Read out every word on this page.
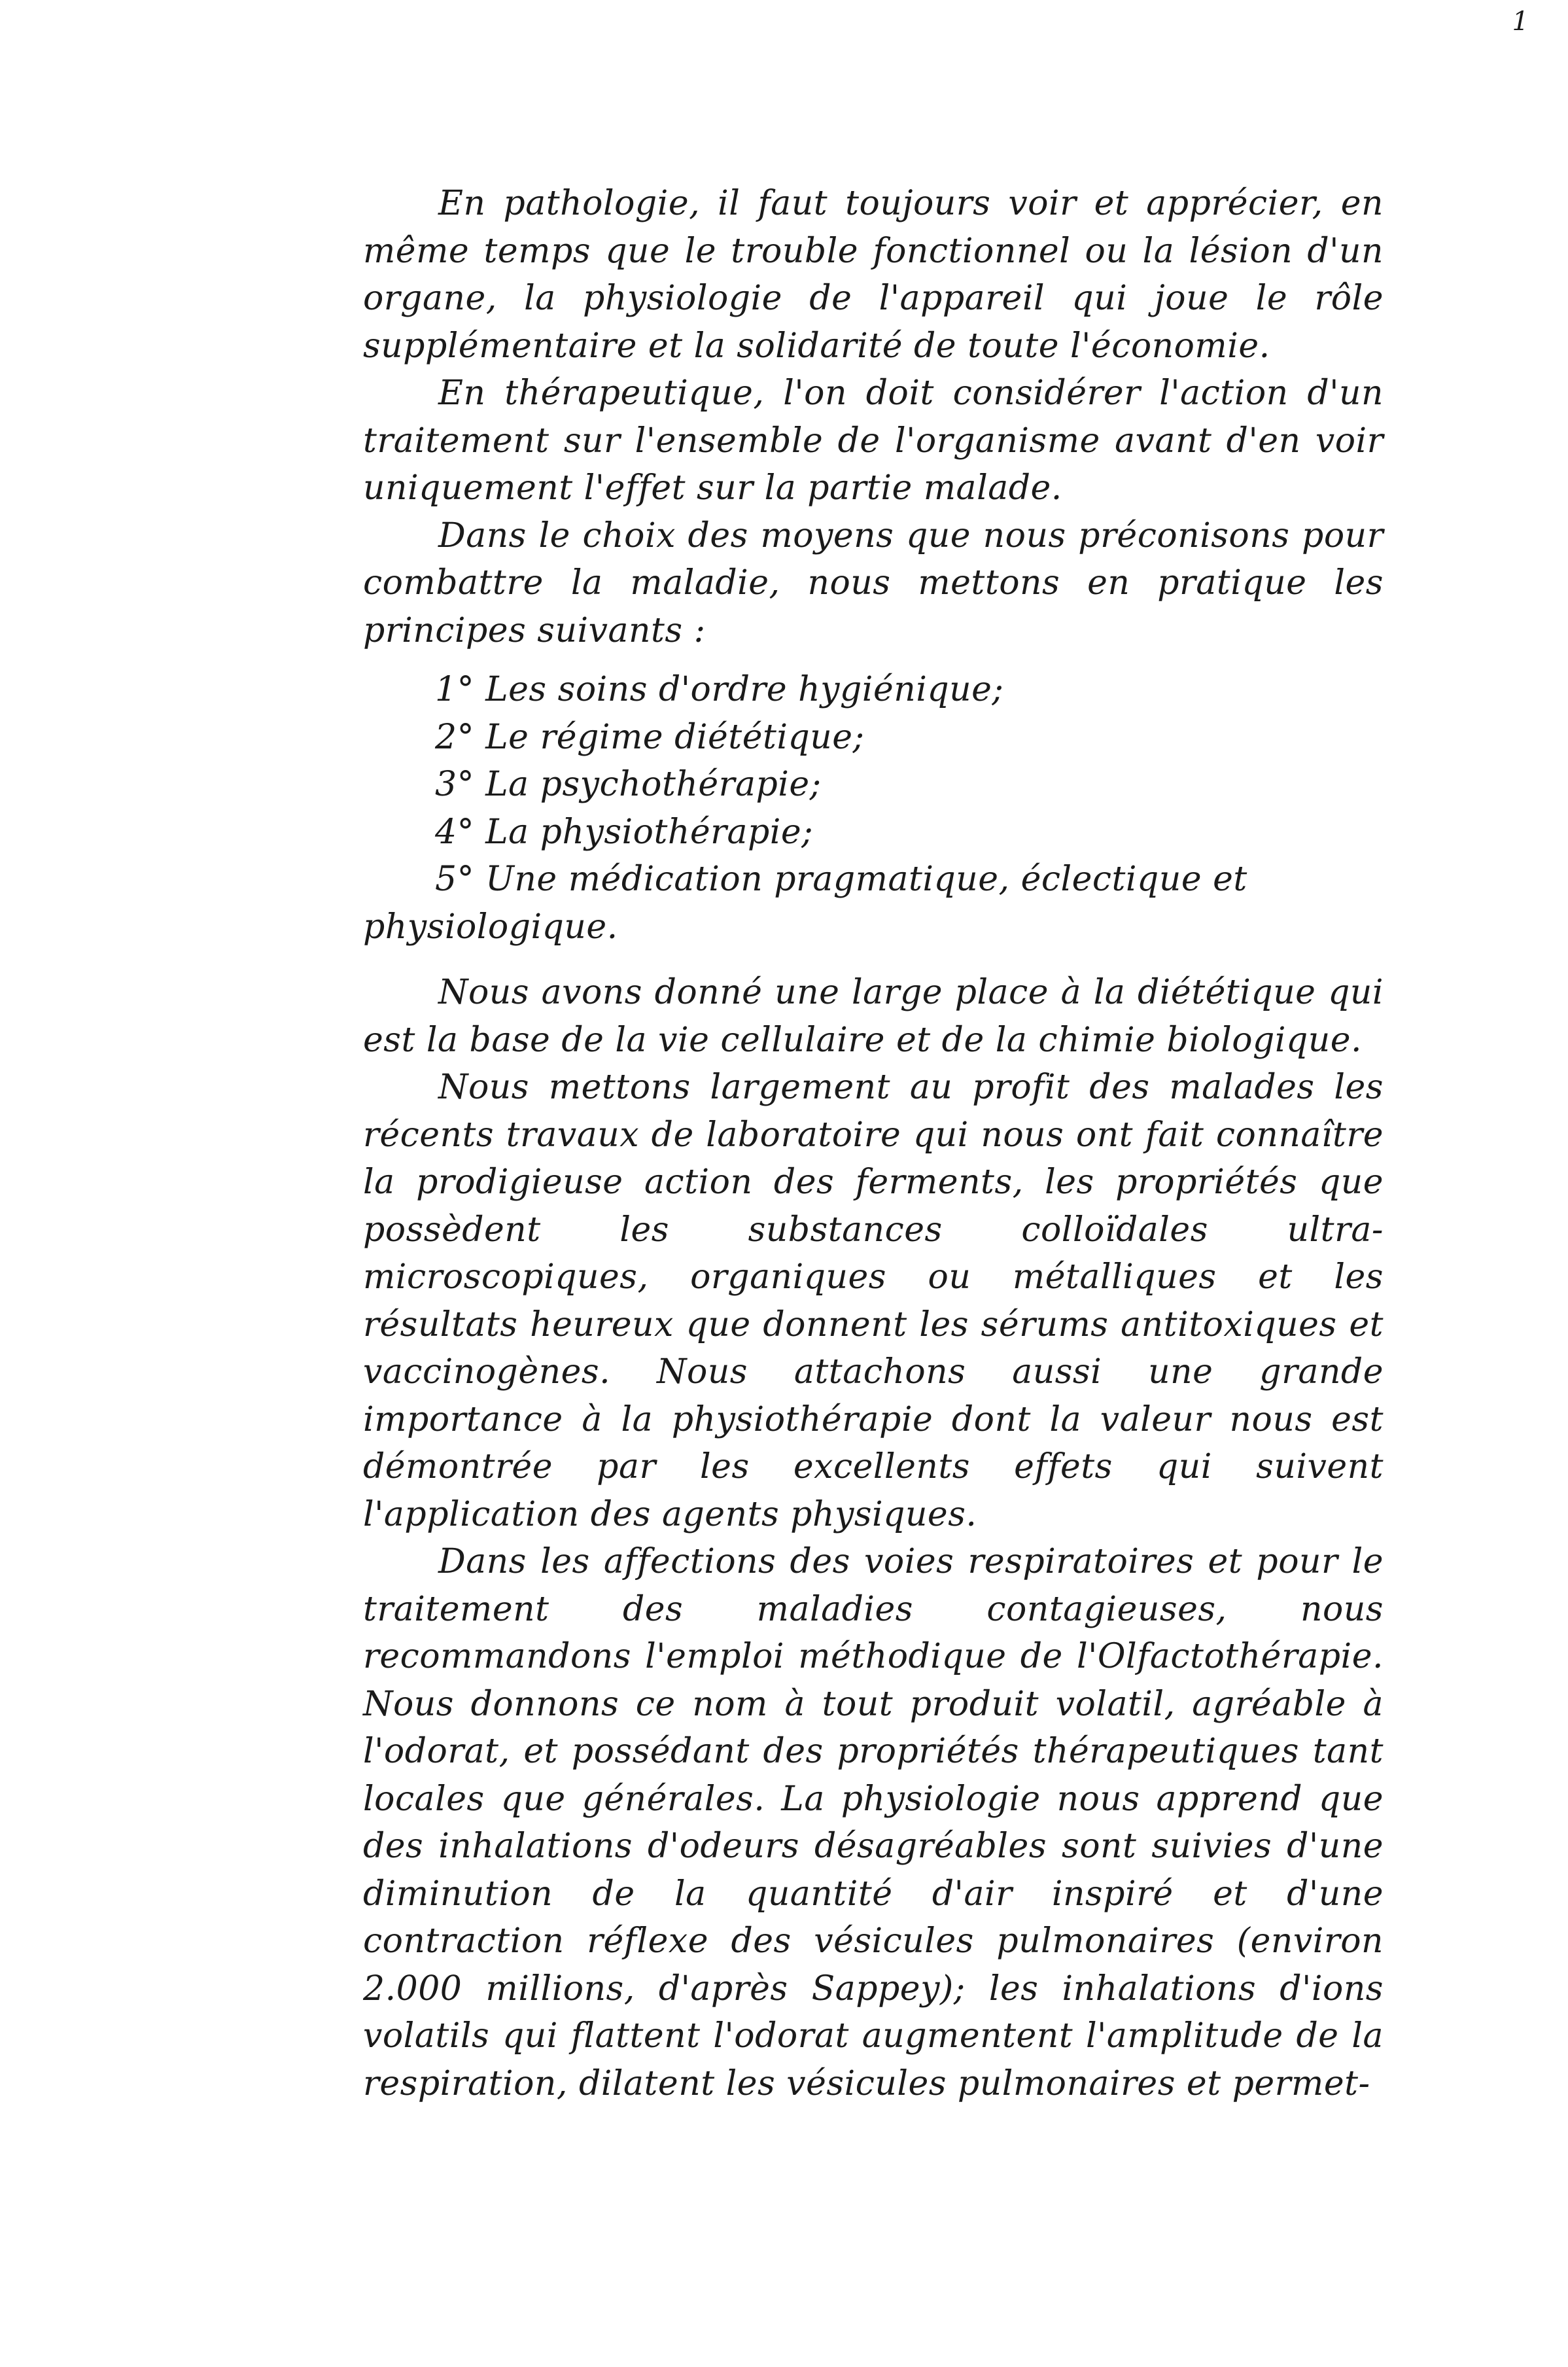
1

En pathologie, il faut toujours voir et apprécier, en même temps que le trouble fonctionnel ou la lésion d'un organe, la physiologie de l'appareil qui joue le rôle supplémentaire et la solidarité de toute l'économie.

En thérapeutique, l'on doit considérer l'action d'un traitement sur l'ensemble de l'organisme avant d'en voir uniquement l'effet sur la partie malade.

Dans le choix des moyens que nous préconisons pour combattre la maladie, nous mettons en pratique les principes suivants :

1° Les soins d'ordre hygiénique;
2° Le régime diététique;
3° La psychothérapie;
4° La physiothérapie;
5° Une médication pragmatique, éclectique et physiologique.

Nous avons donné une large place à la diététique qui est la base de la vie cellulaire et de la chimie biologique.

Nous mettons largement au profit des malades les récents travaux de laboratoire qui nous ont fait connaître la prodigieuse action des ferments, les propriétés que possèdent les substances colloïdales ultra-microscopiques, organiques ou métalliques et les résultats heureux que donnent les sérums antitoxiques et vaccinogènes. Nous attachons aussi une grande importance à la physiothérapie dont la valeur nous est démontrée par les excellents effets qui suivent l'application des agents physiques.

Dans les affections des voies respiratoires et pour le traitement des maladies contagieuses, nous recommandons l'emploi méthodique de l'Olfactothérapie. Nous donnons ce nom à tout produit volatil, agréable à l'odorat, et possédant des propriétés thérapeutiques tant locales que générales. La physiologie nous apprend que des inhalations d'odeurs désagréables sont suivies d'une diminution de la quantité d'air inspiré et d'une contraction réflexe des vésicules pulmonaires (environ 2.000 millions, d'après Sappey); les inhalations d'ions volatils qui flattent l'odorat augmentent l'amplitude de la respiration, dilatent les vésicules pulmonaires et permet-
